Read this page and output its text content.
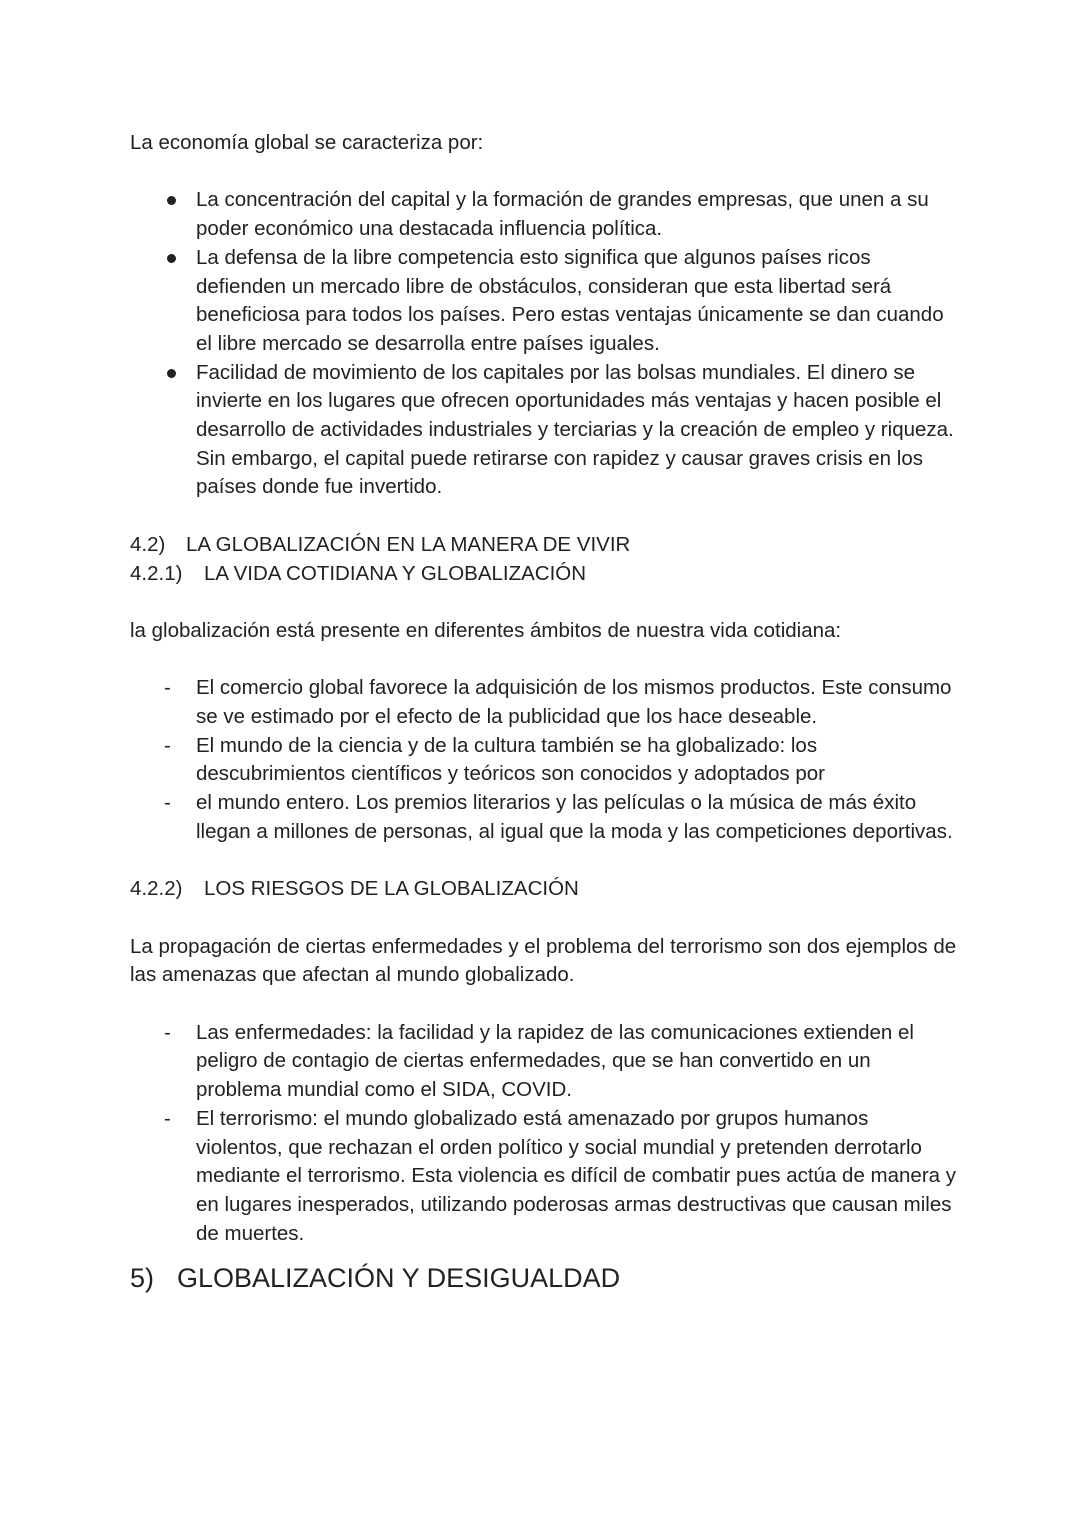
La economía global se caracteriza por:

La concentración del capital y la formación de grandes empresas, que unen a su poder económico una destacada influencia política.
La defensa de la libre competencia esto significa que algunos países ricos defienden un mercado libre de obstáculos, consideran que esta libertad será beneficiosa para todos los países. Pero estas ventajas únicamente se dan cuando el libre mercado se desarrolla entre países iguales.
Facilidad de movimiento de los capitales por las bolsas mundiales. El dinero se invierte en los lugares que ofrecen oportunidades más ventajas y hacen posible el desarrollo de actividades industriales y terciarias y la creación de empleo y riqueza. Sin embargo, el capital puede retirarse con rapidez y causar graves crisis en los países donde fue invertido.
4.2)	LA GLOBALIZACIÓN EN LA MANERA DE VIVIR
4.2.1)	LA VIDA COTIDIANA Y GLOBALIZACIÓN

la globalización está presente en diferentes ámbitos de nuestra vida cotidiana:

- El comercio global favorece la adquisición de los mismos productos. Este consumo se ve estimado por el efecto de la publicidad que los hace deseable.
- El mundo de la ciencia y de la cultura también se ha globalizado: los descubrimientos científicos y teóricos son conocidos y adoptados por
- el mundo entero. Los premios literarios y las películas o la música de más éxito llegan a millones de personas, al igual que la moda y las competiciones deportivas.
4.2.2)	LOS RIESGOS DE LA GLOBALIZACIÓN

La propagación de ciertas enfermedades y el problema del terrorismo son dos ejemplos de las amenazas que afectan al mundo globalizado.

- Las enfermedades: la facilidad y la rapidez de las comunicaciones extienden el peligro de contagio de ciertas enfermedades, que se han convertido en un problema mundial como el SIDA, COVID.
- El terrorismo: el mundo globalizado está amenazado por grupos humanos violentos, que rechazan el orden político y social mundial y pretenden derrotarlo mediante el terrorismo. Esta violencia es difícil de combatir pues actúa de manera y en lugares inesperados, utilizando poderosas armas destructivas que causan miles de muertes.
5) GLOBALIZACIÓN Y DESIGUALDAD
